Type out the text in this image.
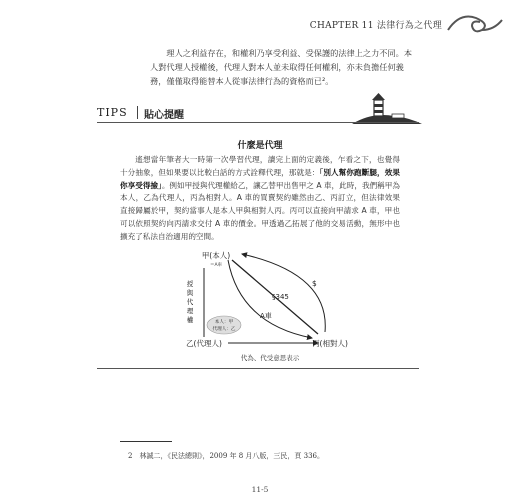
CHAPTER 11 法律行為之代理
理人之利益存在，和權利乃享受利益、受保護的法律上之力不同。本人對代理人授權後，代理人對本人並未取得任何權利，亦未負擔任何義務，僅僅取得能替本人從事法律行為的資格而已²。
TIPS 貼心提醒
什麼是代理

遙想當年筆者大一時第一次學習代理，讀完上面的定義後，乍看之下，也覺得十分抽象，但如果要以比較白話的方式詮釋代理，那就是：「別人幫你跑斷腿，效果你享受得撿」。例如甲授與代理權給乙，讓乙替甲出售甲之 A 車，此時，我們稱甲為本人，乙為代理人，丙為相對人。A 車的買賣契約雖然由乙、丙訂立，但法律效果直接歸屬於甲，契約當事人是本人甲與相對人丙。丙可以直接向甲請求 A 車，甲也可以依照契約向丙請求交付 A 車的價金。甲透過乙拓展了他的交易活動，無形中也擴充了私法自治適用的空間。

甲(本人)
＝A車
授
與
代
理
權
$
§345
A車
本人：甲
代理人：乙
乙(代理人)	丙(相對人)
代為、代受意思表示
2　林誠二，《民法總則》，2009 年 8 月八版，三民，頁 336。
11-5
